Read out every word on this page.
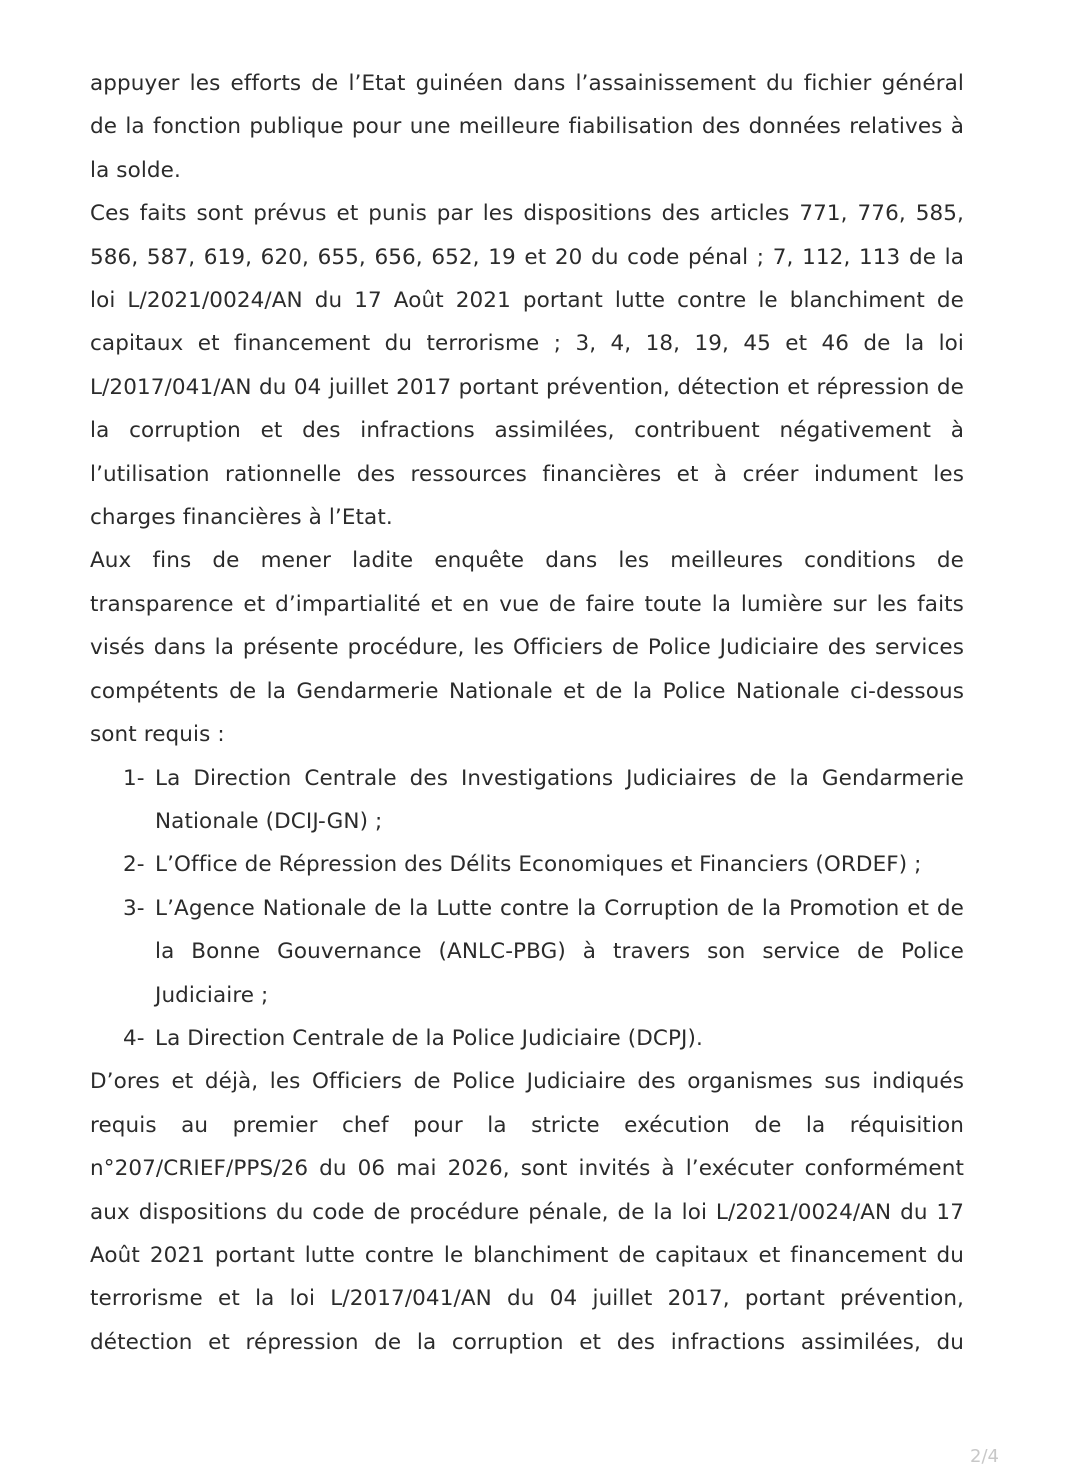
appuyer les efforts de l’Etat guinéen dans l’assainissement du fichier général de la fonction publique pour une meilleure fiabilisation des données relatives à la solde.

Ces faits sont prévus et punis par les dispositions des articles 771, 776, 585, 586, 587, 619, 620, 655, 656, 652, 19 et 20 du code pénal ; 7, 112, 113 de la loi L/2021/0024/AN du 17 Août 2021 portant lutte contre le blanchiment de capitaux et financement du terrorisme ; 3, 4, 18, 19, 45 et 46 de la loi L/2017/041/AN du 04 juillet 2017 portant prévention, détection et répression de la corruption et des infractions assimilées, contribuent négativement à l’utilisation rationnelle des ressources financières et à créer indument les charges financières à l’Etat.

Aux fins de mener ladite enquête dans les meilleures conditions de transparence et d’impartialité et en vue de faire toute la lumière sur les faits visés dans la présente procédure, les Officiers de Police Judiciaire des services compétents de la Gendarmerie Nationale et de la Police Nationale ci-dessous sont requis :

1- La Direction Centrale des Investigations Judiciaires de la Gendarmerie Nationale (DCIJ-GN) ;
2- L’Office de Répression des Délits Economiques et Financiers (ORDEF) ;
3- L’Agence Nationale de la Lutte contre la Corruption de la Promotion et de la Bonne Gouvernance (ANLC-PBG) à travers son service de Police Judiciaire ;
4- La Direction Centrale de la Police Judiciaire (DCPJ).

D’ores et déjà, les Officiers de Police Judiciaire des organismes sus indiqués requis au premier chef pour la stricte exécution de la réquisition n°207/CRIEF/PPS/26 du 06 mai 2026, sont invités à l’exécuter conformément aux dispositions du code de procédure pénale, de la loi L/2021/0024/AN du 17 Août 2021 portant lutte contre le blanchiment de capitaux et financement du terrorisme et la loi L/2017/041/AN du 04 juillet 2017, portant prévention, détection et répression de la corruption et des infractions assimilées, du

2/4
